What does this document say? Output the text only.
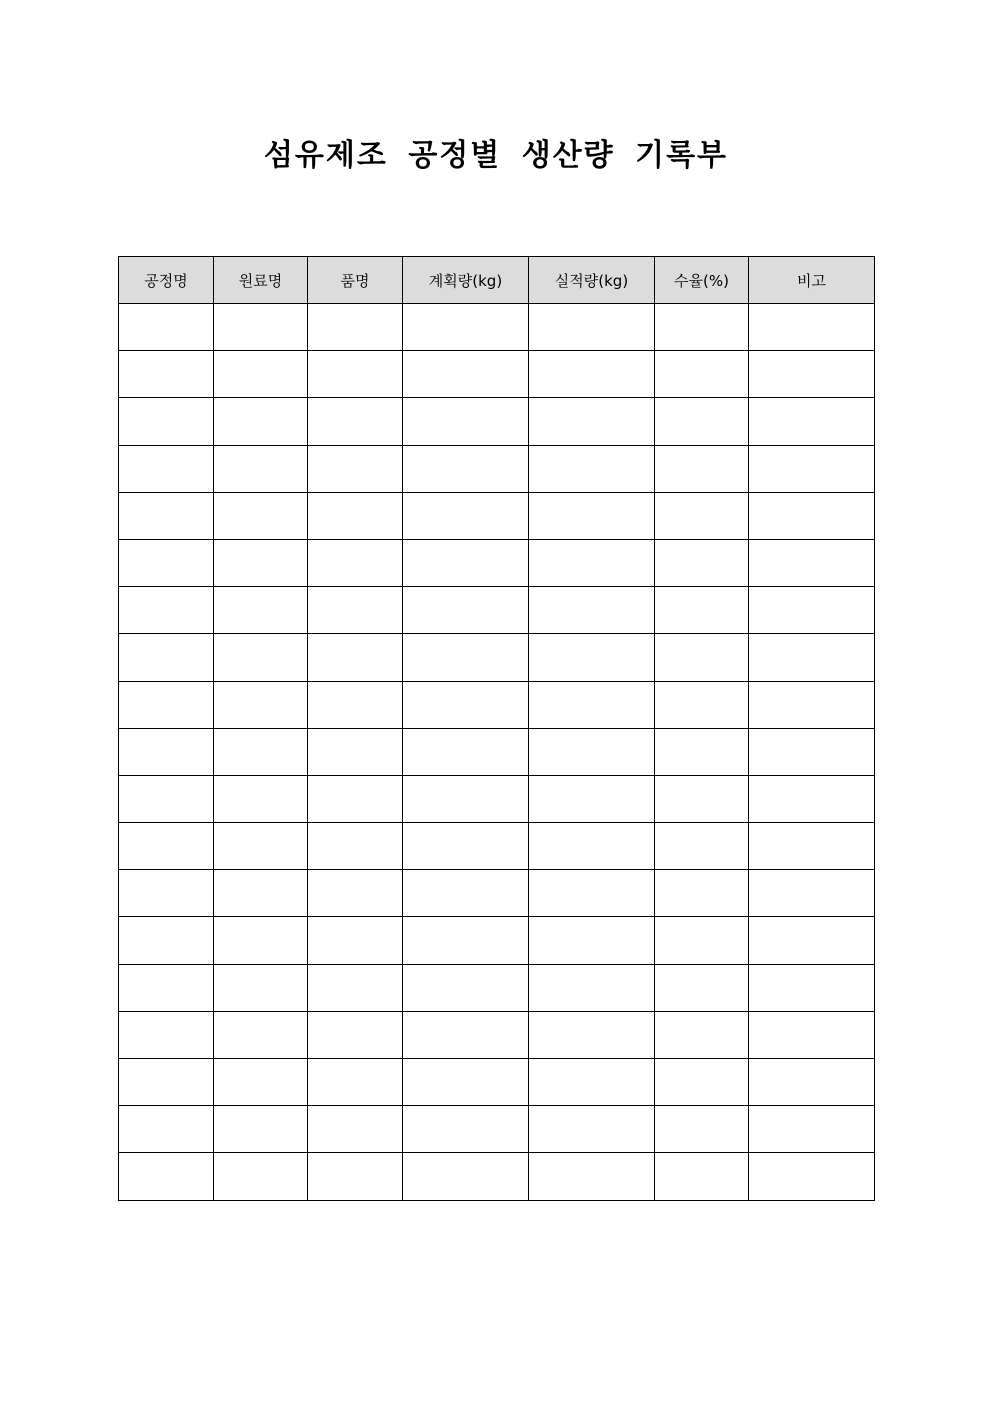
섬유제조 공정별 생산량 기록부
공정명	원료명	품명	계획량(kg)	실적량(kg)	수율(%)	비고
